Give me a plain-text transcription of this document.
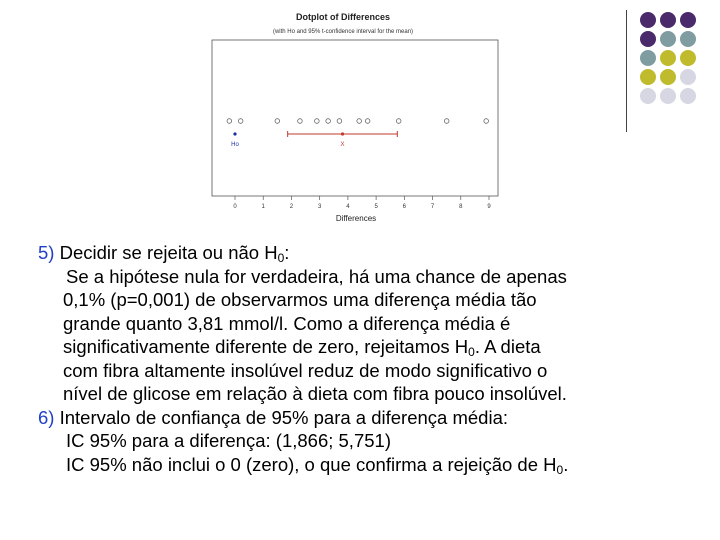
Dotplot of Differences
(with Ho and 95% t-confidence interval for the mean)
Ho	X
0	1	2	3	4	5	6	7	8	9
Differences
5) Decidir se rejeita ou não $H_0$:
Se a hipótese nula for verdadeira, há uma chance de apenas
0,1% (p=0,001) de observarmos uma diferença média tão
grande quanto 3,81 mmol/l. Como a diferença média é
significativamente diferente de zero, rejeitamos $H_0$. A dieta
com fibra altamente insolúvel reduz de modo significativo o
nível de glicose em relação à dieta com fibra pouco insolúvel.
6) Intervalo de confiança de 95% para a diferença média:
IC 95% para a diferença: (1,866; 5,751)
IC 95% não inclui o 0 (zero), o que confirma a rejeição de $H_0$.
